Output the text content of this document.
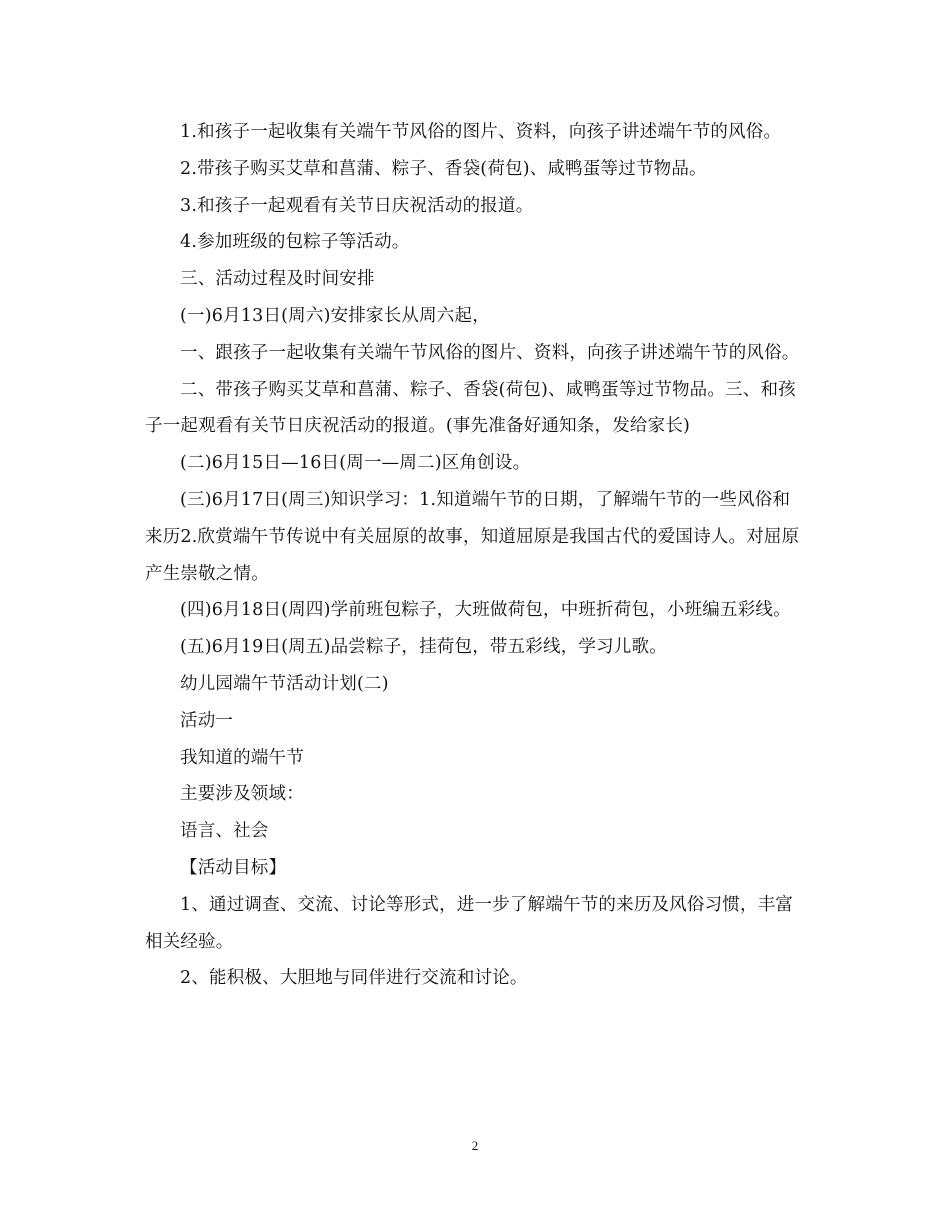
1.和孩子一起收集有关端午节风俗的图片、资料，向孩子讲述端午节的风俗。

2.带孩子购买艾草和菖蒲、粽子、香袋(荷包)、咸鸭蛋等过节物品。

3.和孩子一起观看有关节日庆祝活动的报道。

4.参加班级的包粽子等活动。

三、活动过程及时间安排

(一)6月13日(周六)安排家长从周六起，

一、跟孩子一起收集有关端午节风俗的图片、资料，向孩子讲述端午节的风俗。

二、带孩子购买艾草和菖蒲、粽子、香袋(荷包)、咸鸭蛋等过节物品。三、和孩子一起观看有关节日庆祝活动的报道。(事先准备好通知条，发给家长)

(二)6月15日—16日(周一—周二)区角创设。

(三)6月17日(周三)知识学习：1.知道端午节的日期，了解端午节的一些风俗和来历2.欣赏端午节传说中有关屈原的故事，知道屈原是我国古代的爱国诗人。对屈原产生崇敬之情。

(四)6月18日(周四)学前班包粽子，大班做荷包，中班折荷包，小班编五彩线。

(五)6月19日(周五)品尝粽子，挂荷包，带五彩线，学习儿歌。

幼儿园端午节活动计划(二)

活动一

我知道的端午节

主要涉及领域：

语言、社会

【活动目标】

1、通过调查、交流、讨论等形式，进一步了解端午节的来历及风俗习惯，丰富相关经验。

2、能积极、大胆地与同伴进行交流和讨论。

2
